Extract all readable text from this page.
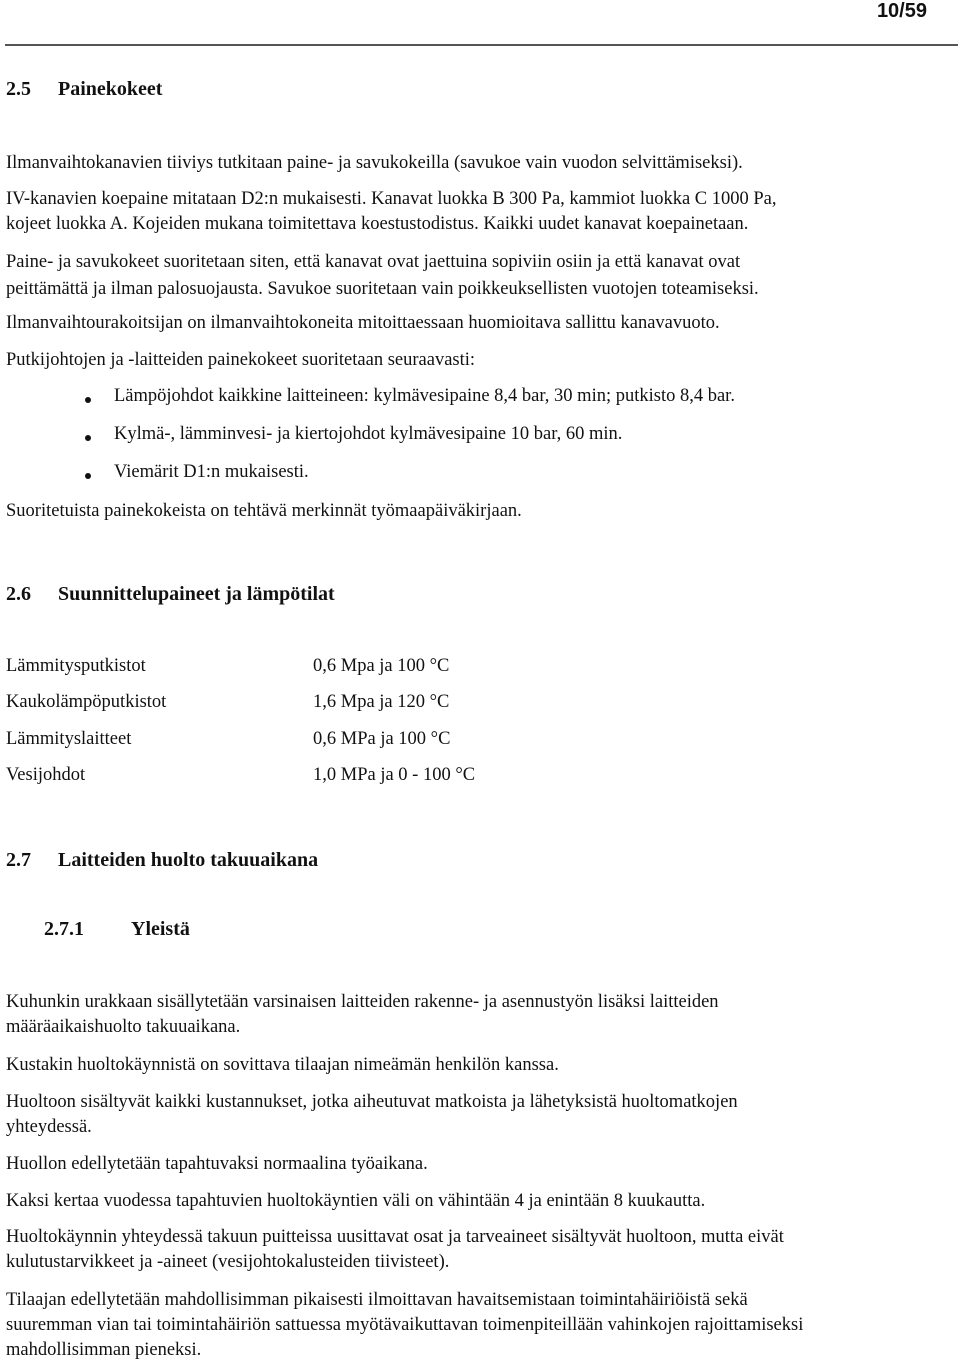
10/59
2.5 Painekokeet
Ilmanvaihtokanavien tiiviys tutkitaan paine- ja savukokeilla (savukoe vain vuodon selvittämiseksi).
IV-kanavien koepaine mitataan D2:n mukaisesti. Kanavat luokka B 300 Pa, kammiot luokka C 1000 Pa,
kojeet luokka A. Kojeiden mukana toimitettava koestustodistus. Kaikki uudet kanavat koepainetaan.
Paine- ja savukokeet suoritetaan siten, että kanavat ovat jaettuina sopiviin osiin ja että kanavat ovat
peittämättä ja ilman palosuojausta. Savukoe suoritetaan vain poikkeuksellisten vuotojen toteamiseksi.
Ilmanvaihtourakoitsijan on ilmanvaihtokoneita mitoittaessaan huomioitava sallittu kanavavuoto.
Putkijohtojen ja -laitteiden painekokeet suoritetaan seuraavasti:
Lämpöjohdot kaikkine laitteineen: kylmävesipaine 8,4 bar, 30 min; putkisto 8,4 bar.
Kylmä-, lämminvesi- ja kiertojohdot kylmävesipaine 10 bar, 60 min.
Viemärit D1:n mukaisesti.
Suoritetuista painekokeista on tehtävä merkinnät työmaapäiväkirjaan.
2.6 Suunnittelupaineet ja lämpötilat
Lämmitysputkistot	0,6 Mpa ja 100 °C
Kaukolämpöputkistot	1,6 Mpa ja 120 °C
Lämmityslaitteet	0,6 MPa ja 100 °C
Vesijohdot	1,0 MPa ja 0 - 100 °C
2.7 Laitteiden huolto takuuaikana
2.7.1 Yleistä
Kuhunkin urakkaan sisällytetään varsinaisen laitteiden rakenne- ja asennustyön lisäksi laitteiden
määräaikaishuolto takuuaikana.
Kustakin huoltokäynnistä on sovittava tilaajan nimeämän henkilön kanssa.
Huoltoon sisältyvät kaikki kustannukset, jotka aiheutuvat matkoista ja lähetyksistä huoltomatkojen
yhteydessä.
Huollon edellytetään tapahtuvaksi normaalina työaikana.
Kaksi kertaa vuodessa tapahtuvien huoltokäyntien väli on vähintään 4 ja enintään 8 kuukautta.
Huoltokäynnin yhteydessä takuun puitteissa uusittavat osat ja tarveaineet sisältyvät huoltoon, mutta eivät
kulutustarvikkeet ja -aineet (vesijohtokalusteiden tiivisteet).
Tilaajan edellytetään mahdollisimman pikaisesti ilmoittavan havaitsemistaan toimintahäiriöistä sekä
suuremman vian tai toimintahäiriön sattuessa myötävaikuttavan toimenpiteillään vahinkojen rajoittamiseksi
mahdollisimman pieneksi.
